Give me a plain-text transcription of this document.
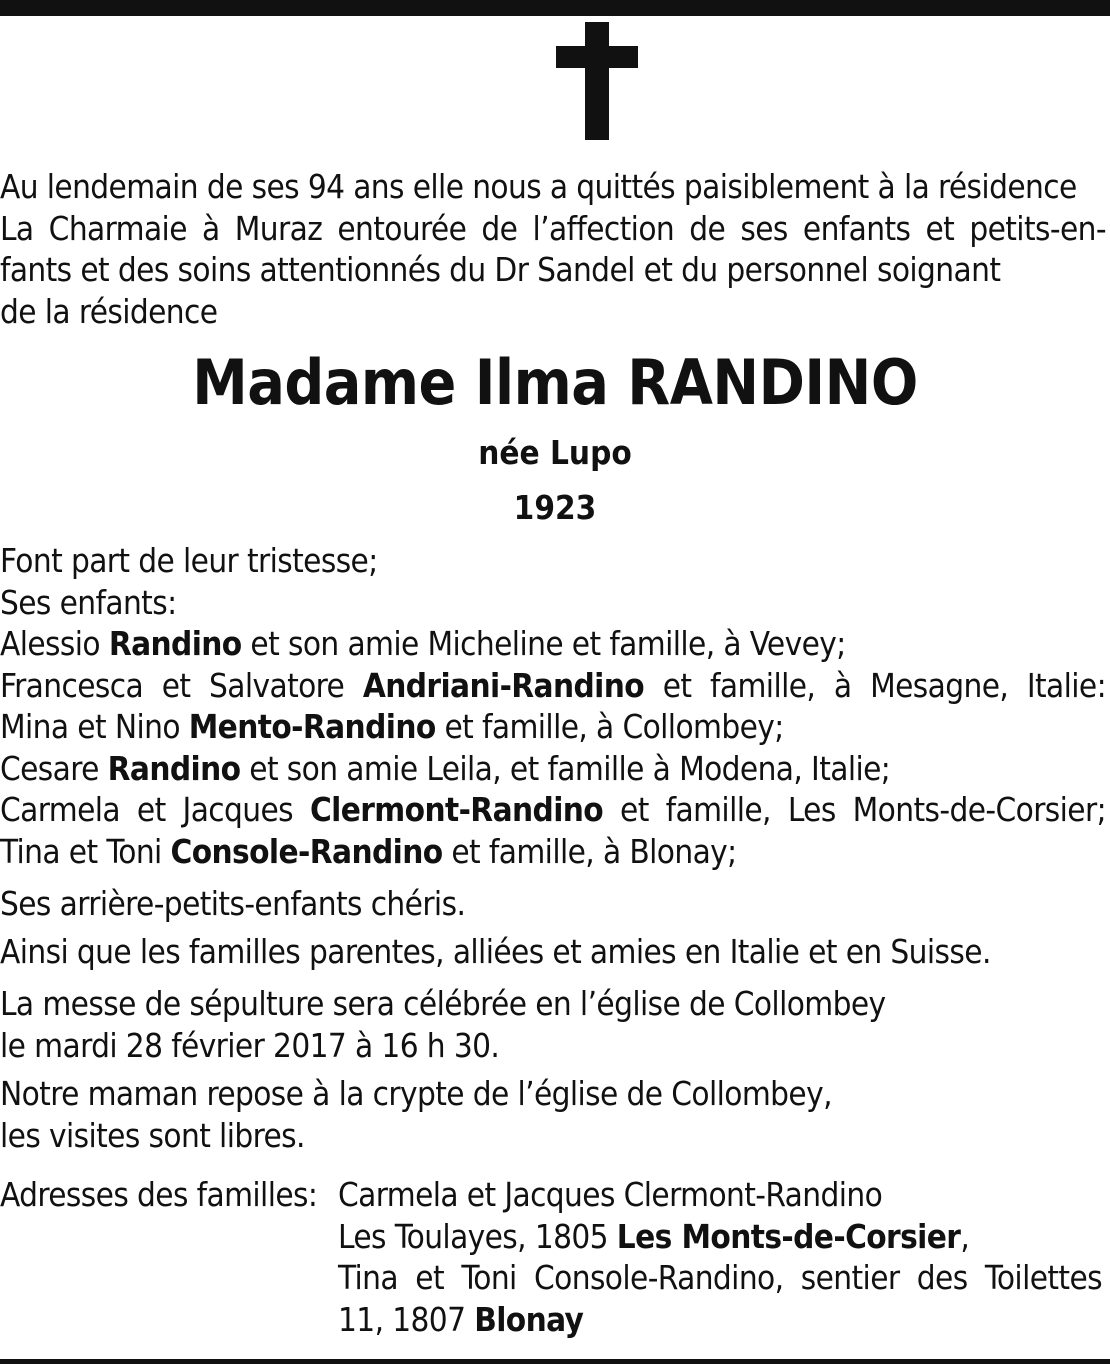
Au lendemain de ses 94 ans elle nous a quittés paisiblement à la résidence
La Charmaie à Muraz entourée de l’affection de ses enfants et petits-en-
fants et des soins attentionnés du Dr Sandel et du personnel soignant
de la résidence
Madame Ilma RANDINO
née Lupo
1923
Font part de leur tristesse;
Ses enfants:
Alessio Randino et son amie Micheline et famille, à Vevey;
Francesca et Salvatore Andriani-Randino et famille, à Mesagne, Italie:
Mina et Nino Mento-Randino et famille, à Collombey;
Cesare Randino et son amie Leila, et famille à Modena, Italie;
Carmela et Jacques Clermont-Randino et famille, Les Monts-de-Corsier;
Tina et Toni Console-Randino et famille, à Blonay;
Ses arrière-petits-enfants chéris.
Ainsi que les familles parentes, alliées et amies en Italie et en Suisse.
La messe de sépulture sera célébrée en l’église de Collombey
le mardi 28 février 2017 à 16 h 30.
Notre maman repose à la crypte de l’église de Collombey,
les visites sont libres.
Adresses des familles: Carmela et Jacques Clermont-Randino
Les Toulayes, 1805 Les Monts-de-Corsier,
Tina et Toni Console-Randino, sentier des Toilettes
11, 1807 Blonay
